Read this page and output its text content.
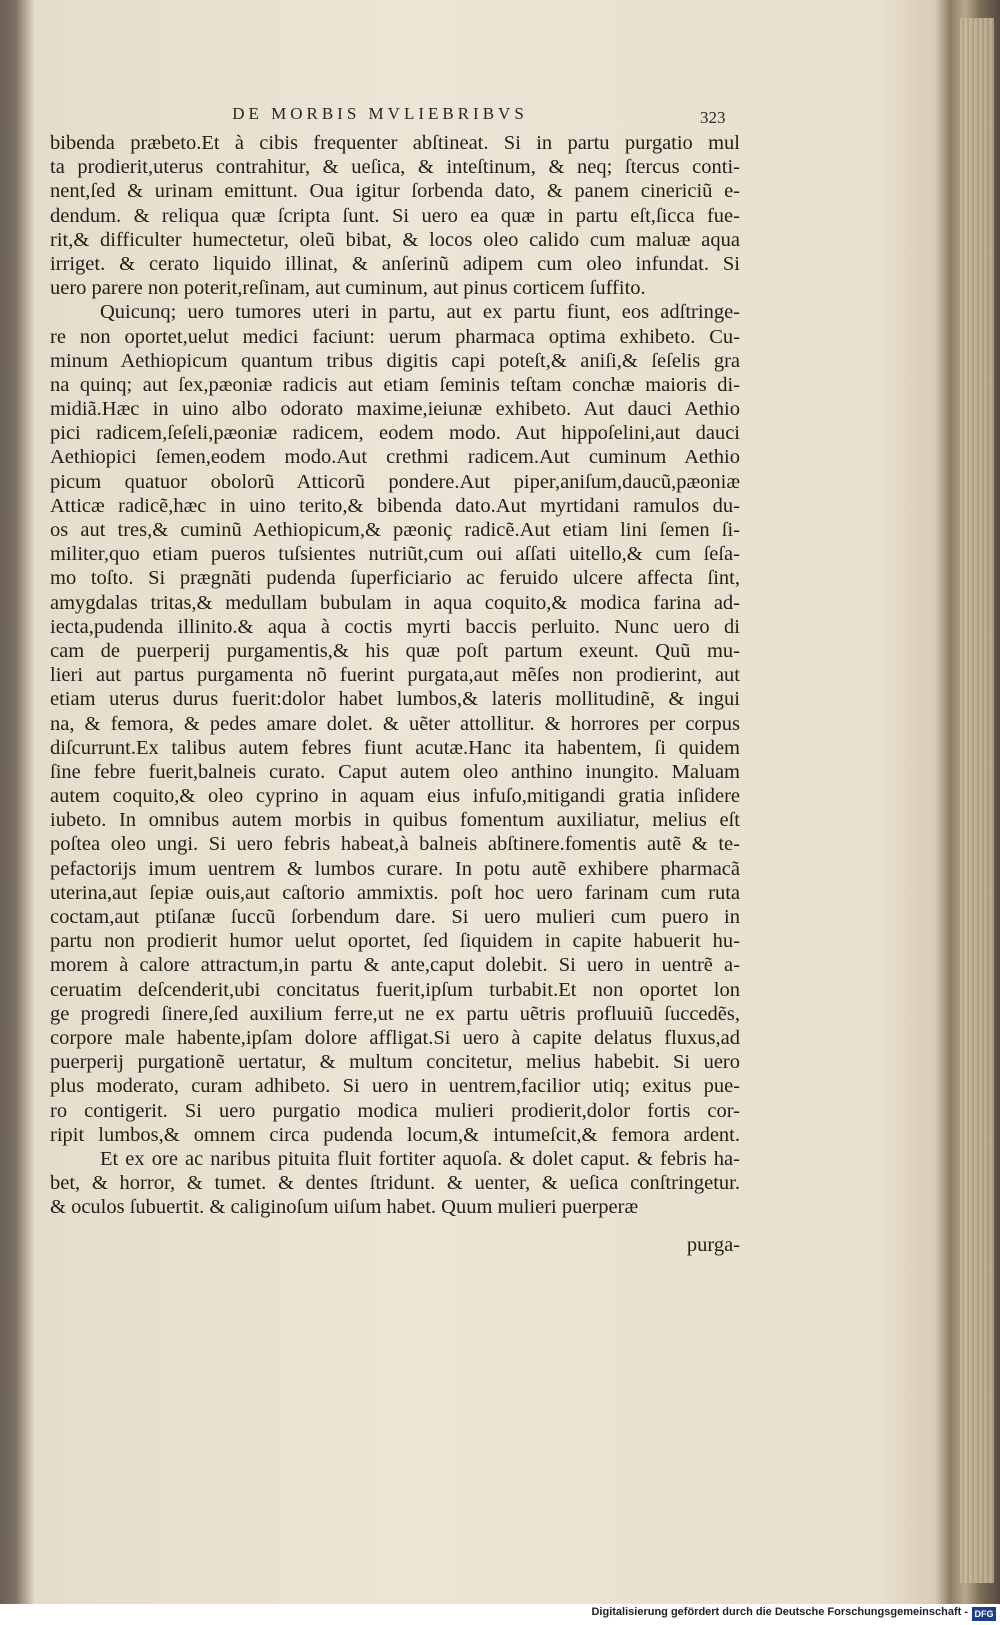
DE MORBIS MVLIEBRIBVS	323
bibenda præbeto.Et à cibis frequenter abſtineat. Si in partu purgatio mul
ta prodierit,uterus contrahitur, & ueſica, & inteſtinum, & neq; ſtercus conti-
nent,ſed & urinam emittunt. Oua igitur ſorbenda dato, & panem cinericiũ e-
dendum. & reliqua quæ ſcripta ſunt. Si uero ea quæ in partu eſt,ſicca fue-
rit,& difficulter humectetur, oleũ bibat, & locos oleo calido cum maluæ aqua
irriget. & cerato liquido illinat, & anſerinũ adipem cum oleo infundat. Si
uero parere non poterit,reſinam, aut cuminum, aut pinus corticem ſuffito.
Quicunq; uero tumores uteri in partu, aut ex partu fiunt, eos adſtringe-
re non oportet,uelut medici faciunt: uerum pharmaca optima exhibeto. Cu-
minum Aethiopicum quantum tribus digitis capi poteſt,& aniſi,& ſeſelis gra
na quinq; aut ſex,pæoniæ radicis aut etiam ſeminis teſtam conchæ maioris di-
midiã.Hæc in uino albo odorato maxime,ieiunæ exhibeto. Aut dauci Aethio
pici radicem,ſeſeli,pæoniæ radicem, eodem modo. Aut hippoſelini,aut dauci
Aethiopici ſemen,eodem modo.Aut crethmi radicem.Aut cuminum Aethio
picum quatuor obolorũ Atticorũ pondere.Aut piper,aniſum,daucũ,pæoniæ
Atticæ radicẽ,hæc in uino terito,& bibenda dato.Aut myrtidani ramulos du-
os aut tres,& cuminũ Aethiopicum,& pæoniç radicẽ.Aut etiam lini ſemen ſi-
militer,quo etiam pueros tuſsientes nutriũt,cum oui aſſati uitello,& cum ſeſa-
mo toſto. Si prægnãti pudenda ſuperficiario ac feruido ulcere affecta ſint,
amygdalas tritas,& medullam bubulam in aqua coquito,& modica farina ad-
iecta,pudenda illinito.& aqua à coctis myrti baccis perluito. Nunc uero di
cam de puerperij purgamentis,& his quæ poſt partum exeunt. Quũ mu-
lieri aut partus purgamenta nõ fuerint purgata,aut mẽſes non prodierint, aut
etiam uterus durus fuerit:dolor habet lumbos,& lateris mollitudinẽ, & ingui
na, & femora, & pedes amare dolet. & uẽter attollitur. & horrores per corpus
diſcurrunt.Ex talibus autem febres fiunt acutæ.Hanc ita habentem, ſi quidem
ſine febre fuerit,balneis curato. Caput autem oleo anthino inungito. Maluam
autem coquito,& oleo cyprino in aquam eius infuſo,mitigandi gratia inſidere
iubeto. In omnibus autem morbis in quibus fomentum auxiliatur, melius eſt
poſtea oleo ungi. Si uero febris habeat,à balneis abſtinere.fomentis autẽ & te-
pefactorijs imum uentrem & lumbos curare. In potu autẽ exhibere pharmacã
uterina,aut ſepiæ ouis,aut caſtorio ammixtis. poſt hoc uero farinam cum ruta
coctam,aut ptiſanæ ſuccũ ſorbendum dare. Si uero mulieri cum puero in
partu non prodierit humor uelut oportet, ſed ſiquidem in capite habuerit hu-
morem à calore attractum,in partu & ante,caput dolebit. Si uero in uentrẽ a-
ceruatim deſcenderit,ubi concitatus fuerit,ipſum turbabit.Et non oportet lon
ge progredi ſinere,ſed auxilium ferre,ut ne ex partu uẽtris profluuiũ ſuccedẽs,
corpore male habente,ipſam dolore affligat.Si uero à capite delatus fluxus,ad
puerperij purgationẽ uertatur, & multum concitetur, melius habebit. Si uero
plus moderato, curam adhibeto. Si uero in uentrem,facilior utiq; exitus pue-
ro contigerit. Si uero purgatio modica mulieri prodierit,dolor fortis cor-
ripit lumbos,& omnem circa pudenda locum,& intumeſcit,& femora ardent.
Et ex ore ac naribus pituita fluit fortiter aquoſa. & dolet caput. & febris ha-
bet, & horror, & tumet. & dentes ſtridunt. & uenter, & ueſica conſtringetur.
& oculos ſubuertit. & caliginoſum uiſum habet. Quum mulieri puerperæ
purga-
Digitalisierung gefördert durch die Deutsche Forschungsgemeinschaft - DFG
